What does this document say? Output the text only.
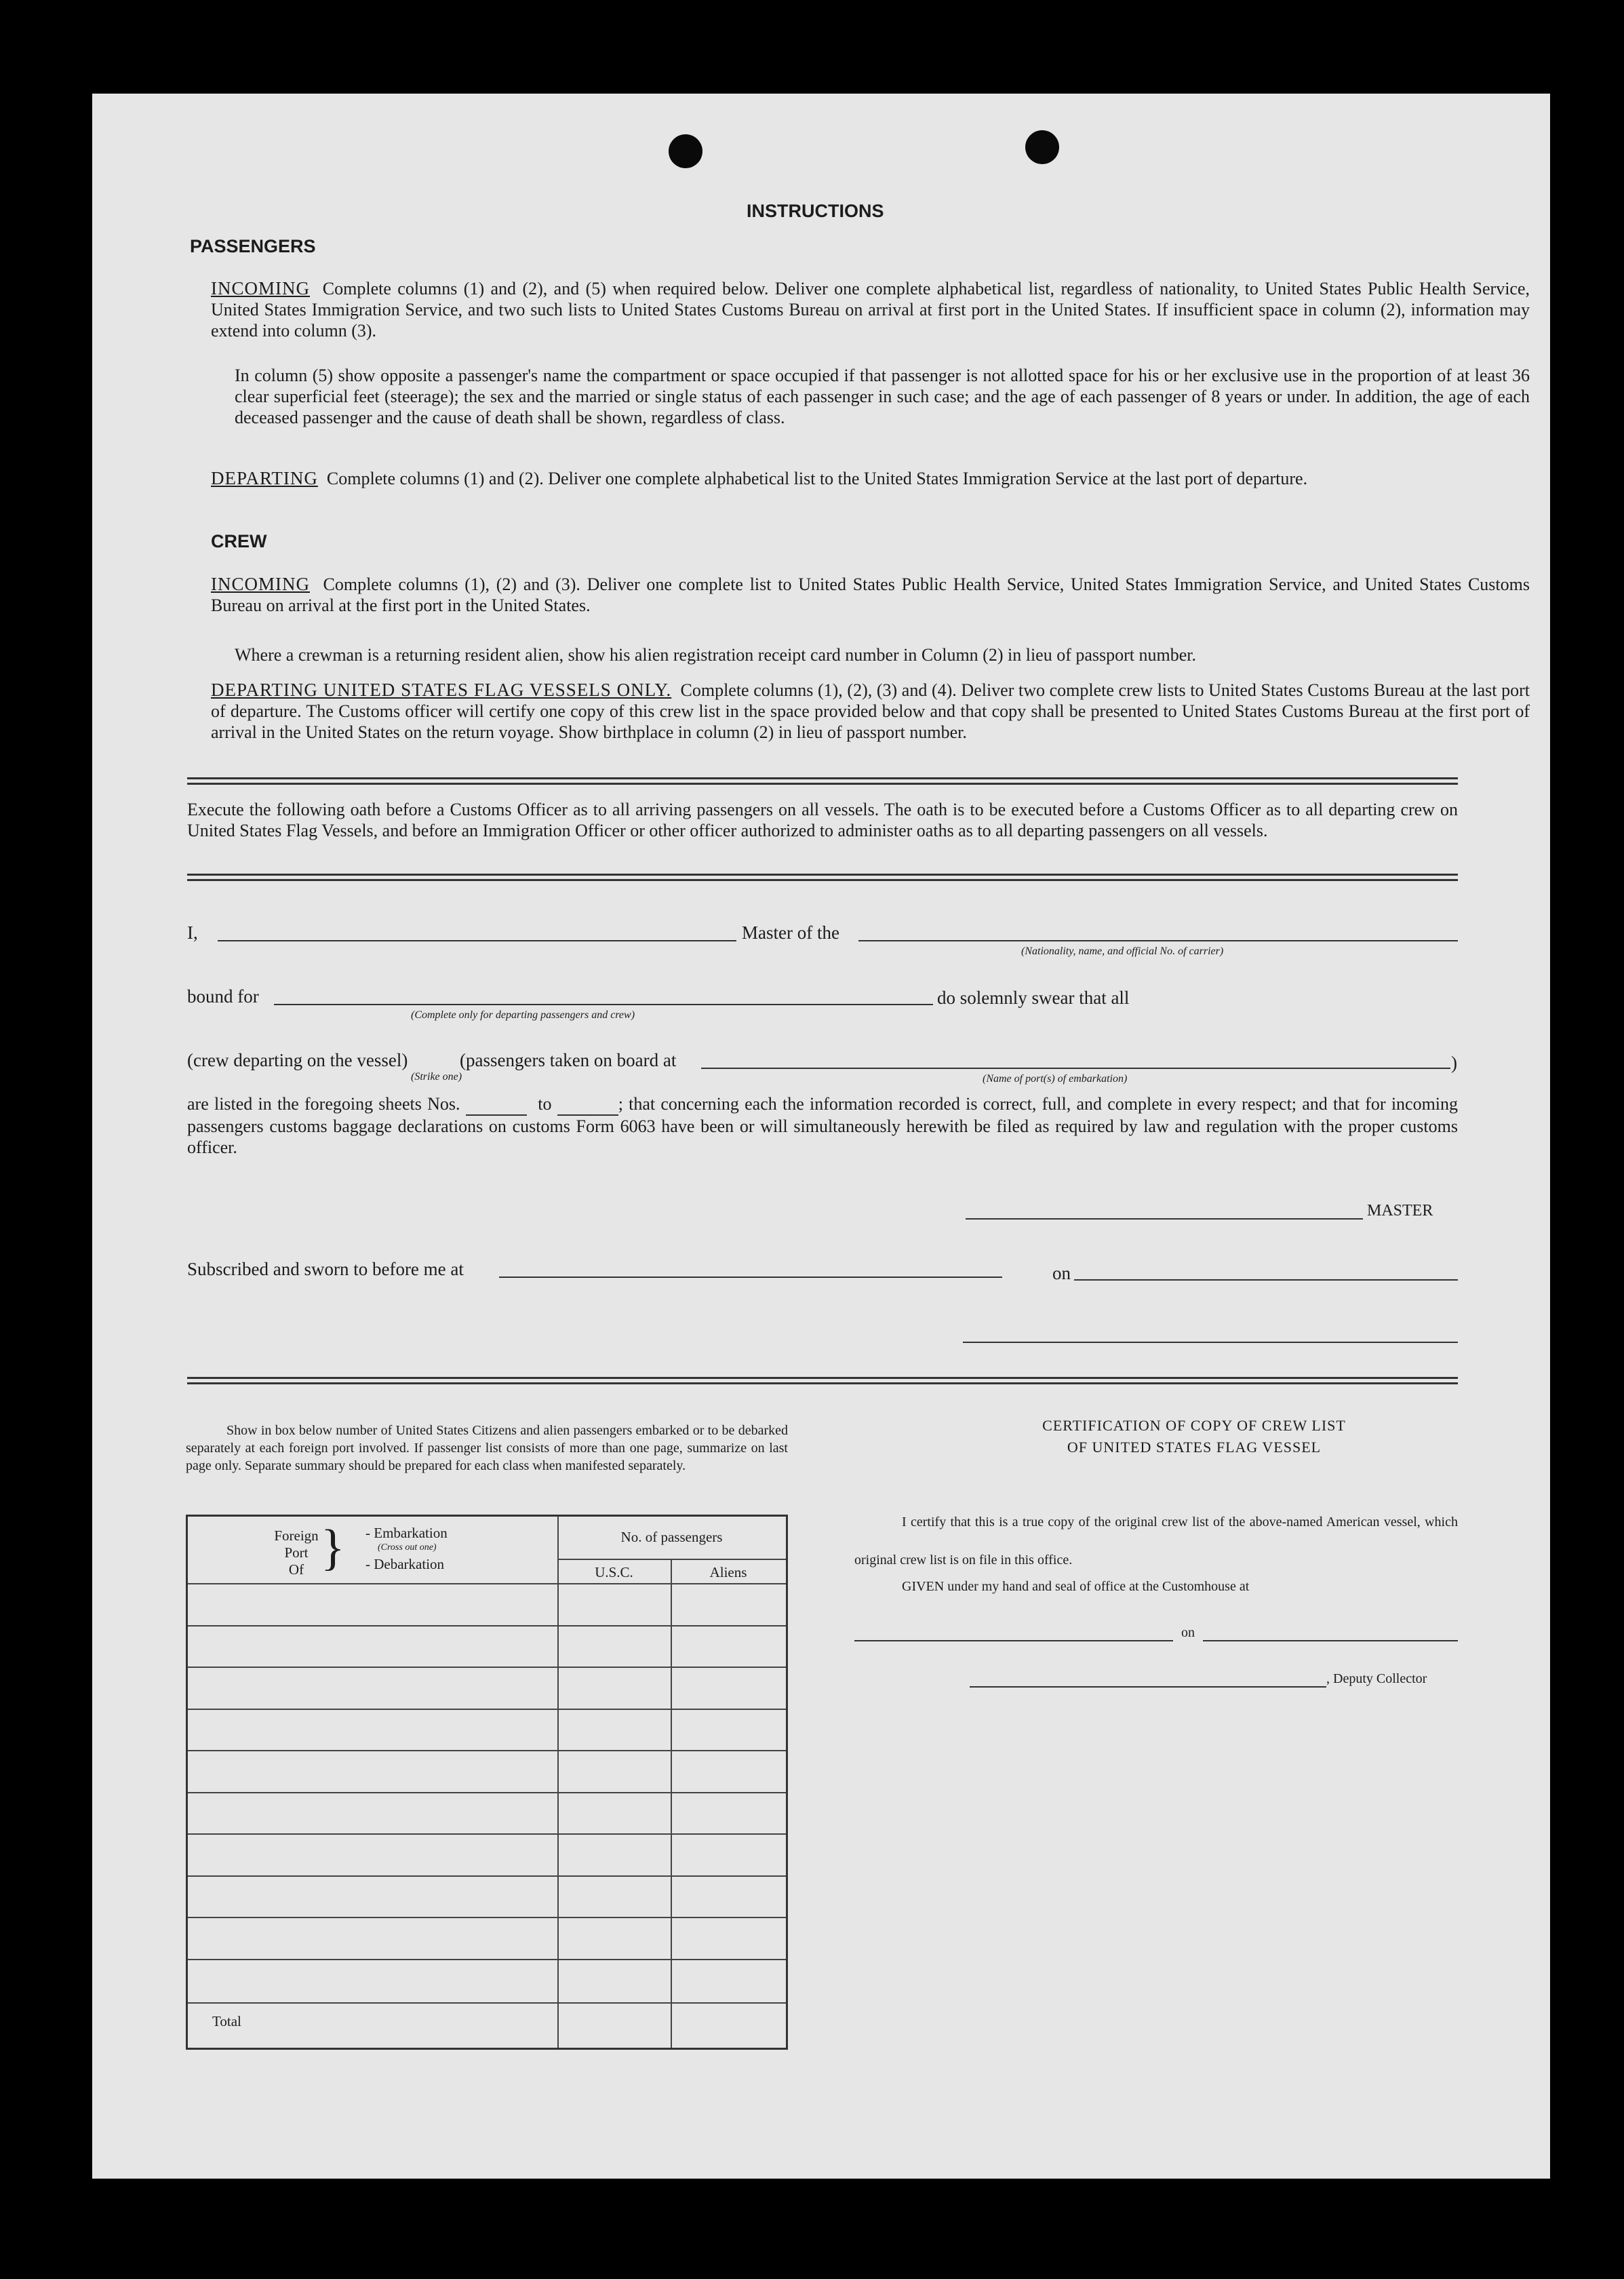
INSTRUCTIONS
PASSENGERS
INCOMING Complete columns (1) and (2), and (5) when required below. Deliver one complete alphabetical list, regardless of nationality, to United States Public Health Service, United States Immigration Service, and two such lists to United States Customs Bureau on arrival at first port in the United States. If insufficient space in column (2), information may extend into column (3).
In column (5) show opposite a passenger's name the compartment or space occupied if that passenger is not allotted space for his or her exclusive use in the proportion of at least 36 clear superficial feet (steerage); the sex and the married or single status of each passenger in such case; and the age of each passenger of 8 years or under. In addition, the age of each deceased passenger and the cause of death shall be shown, regardless of class.
DEPARTING Complete columns (1) and (2). Deliver one complete alphabetical list to the United States Immigration Service at the last port of departure.
CREW
INCOMING Complete columns (1), (2) and (3). Deliver one complete list to United States Public Health Service, United States Immigration Service, and United States Customs Bureau on arrival at the first port in the United States.
Where a crewman is a returning resident alien, show his alien registration receipt card number in Column (2) in lieu of passport number.
DEPARTING UNITED STATES FLAG VESSELS ONLY. Complete columns (1), (2), (3) and (4). Deliver two complete crew lists to United States Customs Bureau at the last port of departure. The Customs officer will certify one copy of this crew list in the space provided below and that copy shall be presented to United States Customs Bureau at the first port of arrival in the United States on the return voyage. Show birthplace in column (2) in lieu of passport number.
Execute the following oath before a Customs Officer as to all arriving passengers on all vessels. The oath is to be executed before a Customs Officer as to all departing crew on United States Flag Vessels, and before an Immigration Officer or other officer authorized to administer oaths as to all departing passengers on all vessels.
I,	Master of the
(Nationality, name, and official No. of carrier)
bound for
(Complete only for departing passengers and crew)
do solemnly swear that all
(crew departing on the vessel)
(Strike one)
(passengers taken on board at	)
(Name of port(s) of embarkation)
are listed in the foregoing sheets Nos.	to	; that concerning each the information recorded is correct, full, and complete in every respect; and that for incoming passengers customs baggage declarations on customs Form 6063 have been or will simultaneously herewith be filed as required by law and regulation with the proper customs officer.
MASTER
Subscribed and sworn to before me at	on
Show in box below number of United States Citizens and alien passengers embarked or to be debarked separately at each foreign port involved. If passenger list consists of more than one page, summarize on last page only. Separate summary should be prepared for each class when manifested separately.
Foreign
Port
Of } - Embarkation
(Cross out one)
- Debarkation
No. of passengers
U.S.C.	Aliens
Total
CERTIFICATION OF COPY OF CREW LIST
OF UNITED STATES FLAG VESSEL
I certify that this is a true copy of the original crew list of the above-named American vessel, which original crew list is on file in this office.
GIVEN under my hand and seal of office at the Customhouse at
on
, Deputy Collector
